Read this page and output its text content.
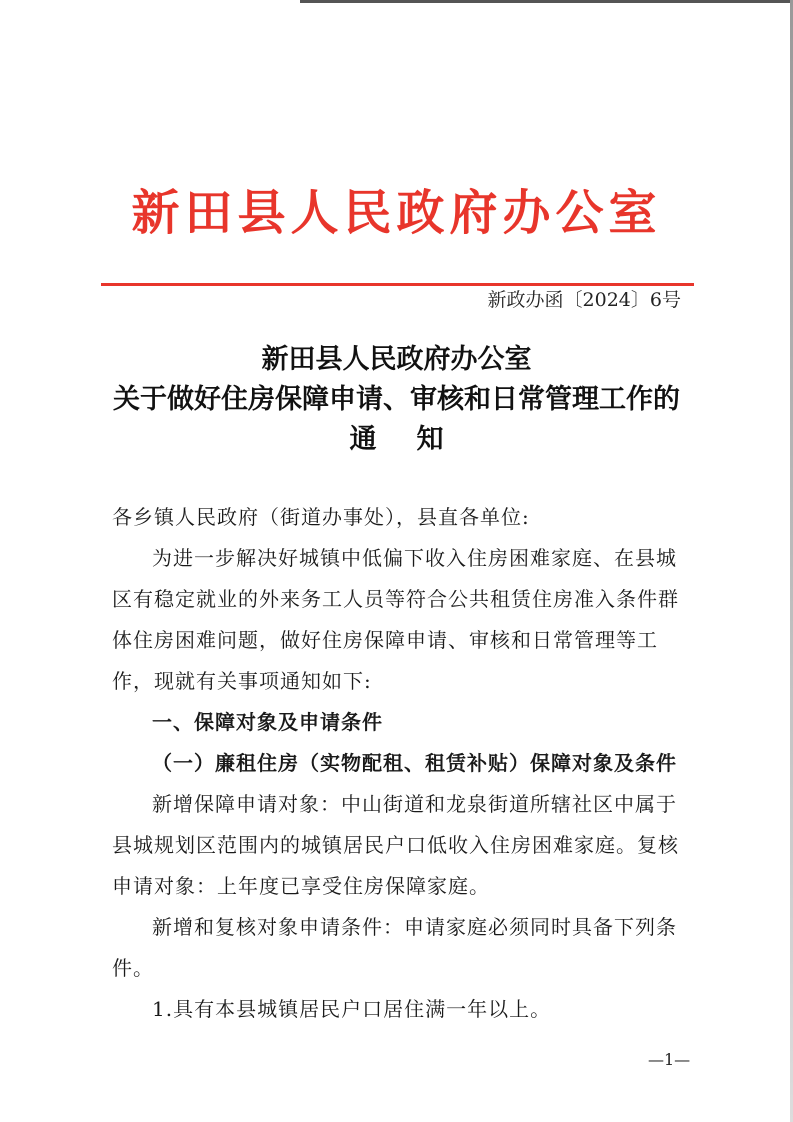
新田县人民政府办公室
新政办函〔2024〕6号
新田县人民政府办公室
关于做好住房保障申请、审核和日常管理工作的
通知

各乡镇人民政府（街道办事处），县直各单位:

为进一步解决好城镇中低偏下收入住房困难家庭、在县城区有稳定就业的外来务工人员等符合公共租赁住房准入条件群体住房困难问题，做好住房保障申请、审核和日常管理等工作，现就有关事项通知如下:

一、保障对象及申请条件

（一）廉租住房（实物配租、租赁补贴）保障对象及条件

新增保障申请对象：中山街道和龙泉街道所辖社区中属于县城规划区范围内的城镇居民户口低收入住房困难家庭。复核申请对象：上年度已享受住房保障家庭。

新增和复核对象申请条件：申请家庭必须同时具备下列条件。

1.具有本县城镇居民户口居住满一年以上。

—1—
